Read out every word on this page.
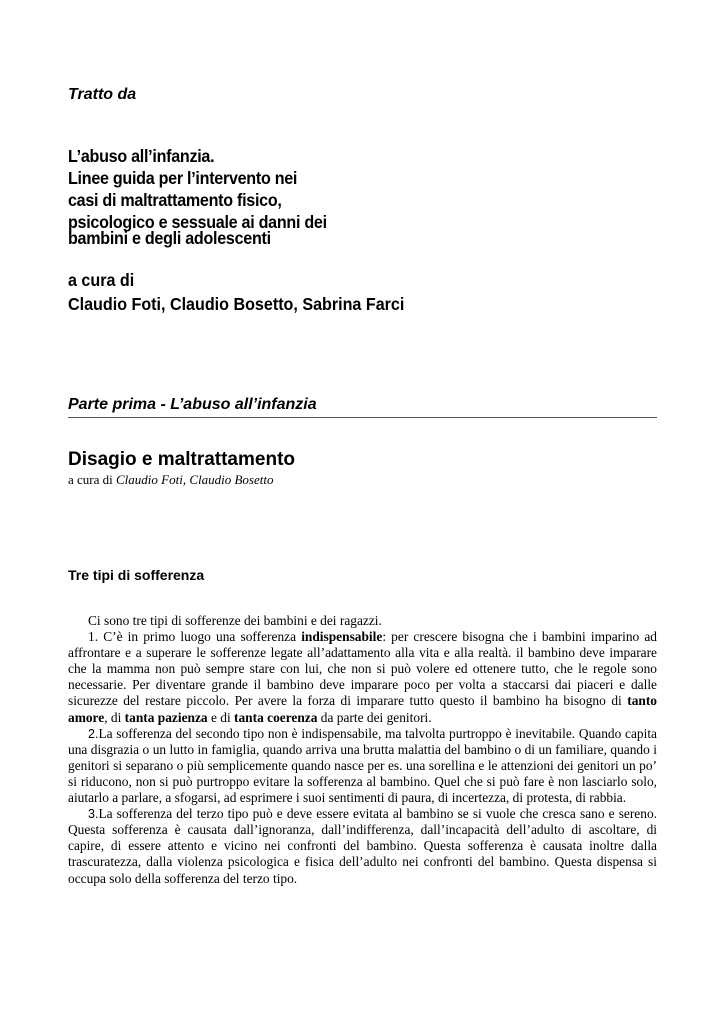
Tratto da
L’abuso all’infanzia.
Linee guida per l’intervento nei
casi di maltrattamento fisico,
psicologico e sessuale ai danni dei
bambini e degli adolescenti
a cura di
Claudio Foti, Claudio Bosetto, Sabrina Farci
Parte prima - L’abuso all’infanzia
Disagio e maltrattamento
a cura di Claudio Foti, Claudio Bosetto
Tre tipi di sofferenza

Ci sono tre tipi di sofferenze dei bambini e dei ragazzi.

1. C’è in primo luogo una sofferenza indispensabile: per crescere bisogna che i bambini imparino ad affrontare e a superare le sofferenze legate all’adattamento alla vita e alla realtà. il bambino deve imparare che la mamma non può sempre stare con lui, che non si può volere ed ottenere tutto, che le regole sono necessarie. Per diventare grande il bambino deve imparare poco per volta a staccarsi dai piaceri e dalle sicurezze del restare piccolo. Per avere la forza di imparare tutto questo il bambino ha bisogno di tanto amore, di tanta pazienza e di tanta coerenza da parte dei genitori.

2.La sofferenza del secondo tipo non è indispensabile, ma talvolta purtroppo è inevitabile. Quando capita una disgrazia o un lutto in famiglia, quando arriva una brutta malattia del bambino o di un familiare, quando i genitori si separano o più semplicemente quando nasce per es. una sorellina e le attenzioni dei genitori un po’ si riducono, non si può purtroppo evitare la sofferenza al bambino. Quel che si può fare è non lasciarlo solo, aiutarlo a parlare, a sfogarsi, ad esprimere i suoi sentimenti di paura, di incertezza, di protesta, di rabbia.

3.La sofferenza del terzo tipo può e deve essere evitata al bambino se si vuole che cresca sano e sereno. Questa sofferenza è causata dall’ignoranza, dall’indifferenza, dall’incapacità dell’adulto di ascoltare, di capire, di essere attento e vicino nei confronti del bambino. Questa sofferenza è causata inoltre dalla trascuratezza, dalla violenza psicologica e fisica dell’adulto nei confronti del bambino. Questa dispensa si occupa solo della sofferenza del terzo tipo.
